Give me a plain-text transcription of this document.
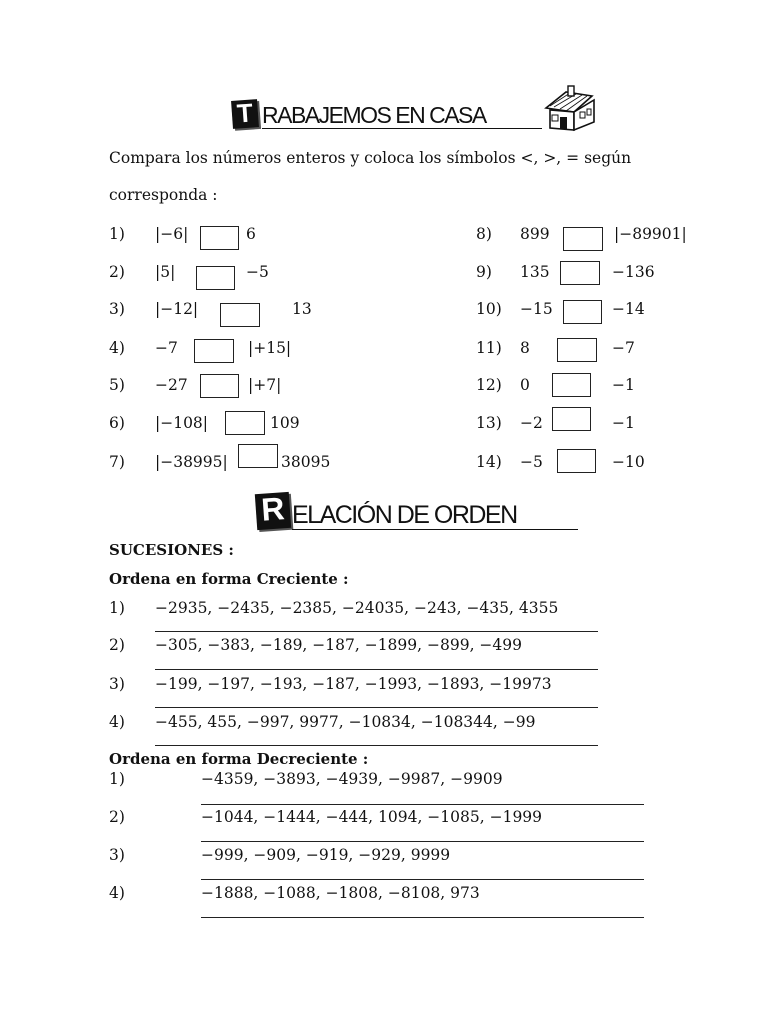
T RABAJEMOS EN CASA
Compara los números enteros y coloca los símbolos <, >, = según
corresponda :
1) |−6|	6
2) |5|	−5
3) |−12|	13
4) −7	|+15|
5) −27	|+7|
6) |−108|	109
7) |−38995|	38095
8) 899	|−89901|
9) 135	−136
10) −15	−14
11) 8	−7
12) 0	−1
13) −2	−1
14) −5	−10
R ELACIÓN DE ORDEN
SUCESIONES :
Ordena en forma Creciente :
1) −2935, −2435, −2385, −24035, −243, −435, 4355
2) −305, −383, −189, −187, −1899, −899, −499
3) −199, −197, −193, −187, −1993, −1893, −19973
4) −455, 455, −997, 9977, −10834, −108344, −99
Ordena en forma Decreciente :
1)	−4359, −3893, −4939, −9987, −9909
2)	−1044, −1444, −444, 1094, −1085, −1999
3)	−999, −909, −919, −929, 9999
4)	−1888, −1088, −1808, −8108, 973
